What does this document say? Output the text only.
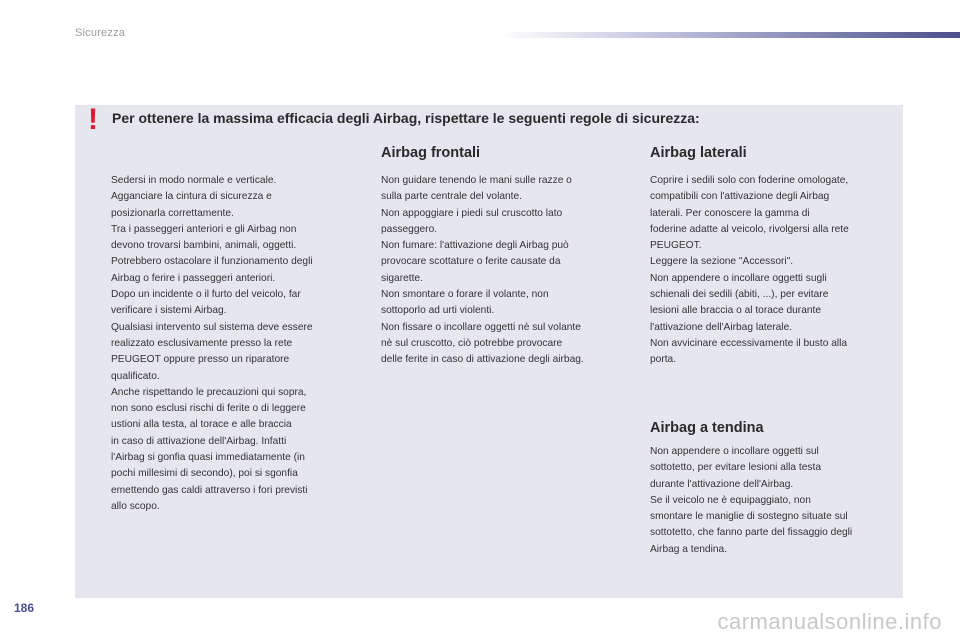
Sicurezza
! Per ottenere la massima efficacia degli Airbag, rispettare le seguenti regole di sicurezza:

Sedersi in modo normale e verticale.

Agganciare la cintura di sicurezza e

posizionarla correttamente.

Tra i passeggeri anteriori e gli Airbag non

devono trovarsi bambini, animali, oggetti.

Potrebbero ostacolare il funzionamento degli

Airbag o ferire i passeggeri anteriori.

Dopo un incidente o il furto del veicolo, far

verificare i sistemi Airbag.

Qualsiasi intervento sul sistema deve essere

realizzato esclusivamente presso la rete

PEUGEOT oppure presso un riparatore

qualificato.

Anche rispettando le precauzioni qui sopra,

non sono esclusi rischi di ferite o di leggere

ustioni alla testa, al torace e alle braccia

in caso di attivazione dell'Airbag. Infatti

l'Airbag si gonfia quasi immediatamente (in

pochi millesimi di secondo), poi si sgonfia

emettendo gas caldi attraverso i fori previsti

allo scopo.

Airbag frontali

Non guidare tenendo le mani sulle razze o

sulla parte centrale del volante.

Non appoggiare i piedi sul cruscotto lato

passeggero.

Non fumare: l'attivazione degli Airbag può

provocare scottature o ferite causate da

sigarette.

Non smontare o forare il volante, non

sottoporlo ad urti violenti.

Non fissare o incollare oggetti nè sul volante

nè sul cruscotto, ciò potrebbe provocare

delle ferite in caso di attivazione degli airbag.

Airbag laterali

Coprire i sedili solo con foderine omologate,

compatibili con l'attivazione degli Airbag

laterali. Per conoscere la gamma di

foderine adatte al veicolo, rivolgersi alla rete

PEUGEOT.

Leggere la sezione "Accessori".

Non appendere o incollare oggetti sugli

schienali dei sedili (abiti, ...), per evitare

lesioni alle braccia o al torace durante

l'attivazione dell'Airbag laterale.

Non avvicinare eccessivamente il busto alla

porta.

Airbag a tendina

Non appendere o incollare oggetti sul

sottotetto, per evitare lesioni alla testa

durante l'attivazione dell'Airbag.

Se il veicolo ne è equipaggiato, non

smontare le maniglie di sostegno situate sul

sottotetto, che fanno parte del fissaggio degli

Airbag a tendina.

186
carmanualsonline.info
